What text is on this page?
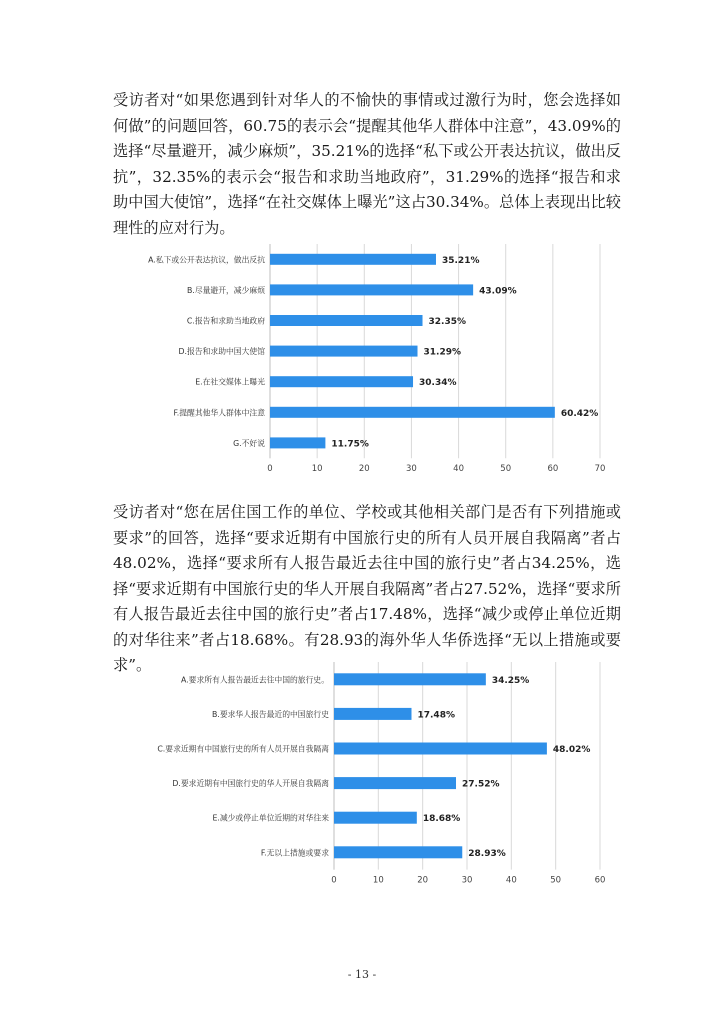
受访者对“如果您遇到针对华人的不愉快的事情或过激行为时，您会选择如何做”的问题回答，60.75的表示会“提醒其他华人群体中注意”，43.09%的选择“尽量避开，减少麻烦”，35.21%的选择“私下或公开表达抗议，做出反抗”，32.35%的表示会“报告和求助当地政府”，31.29%的选择“报告和求助中国大使馆”，选择“在社交媒体上曝光”这占30.34%。总体上表现出比较理性的应对行为。

0	10	20	30	40	50	60	70
A.私下或公开表达抗议，做出反抗	35.21%
B.尽量避开，减少麻烦	43.09%
C.报告和求助当地政府	32.35%
D.报告和求助中国大使馆	31.29%
E.在社交媒体上曝光	30.34%
F.提醒其他华人群体中注意	60.42%
G.不好说	11.75%

受访者对“您在居住国工作的单位、学校或其他相关部门是否有下列措施或要求”的回答，选择“要求近期有中国旅行史的所有人员开展自我隔离”者占48.02%，选择“要求所有人报告最近去往中国的旅行史”者占34.25%，选择“要求近期有中国旅行史的华人开展自我隔离”者占27.52%，选择“要求所有人报告最近去往中国的旅行史”者占17.48%，选择“减少或停止单位近期的对华往来”者占18.68%。有28.93的海外华人华侨选择“无以上措施或要求”。

0	10	20	30	40	50	60
A.要求所有人报告最近去往中国的旅行史。	34.25%
B.要求华人报告最近的中国旅行史	17.48%
C.要求近期有中国旅行史的所有人员开展自我隔离	48.02%
D.要求近期有中国旅行史的华人开展自我隔离	27.52%
E.减少或停止单位近期的对华往来	18.68%
F.无以上措施或要求	28.93%
- 13 -
